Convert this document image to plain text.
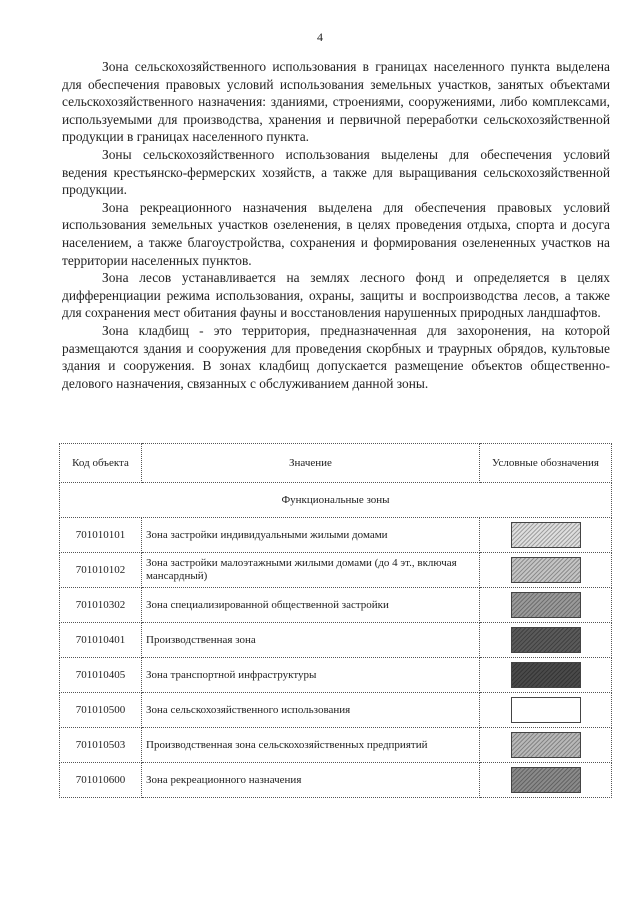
4

Зона сельскохозяйственного использования в границах населенного пункта выделена для обеспечения правовых условий использования земельных участков, занятых объектами сельскохозяйственного назначения: зданиями, строениями, сооружениями, либо комплексами, используемыми для производства, хранения и первичной переработки сельскохозяйственной продукции в границах населенного пункта.

Зоны сельскохозяйственного использования выделены для обеспечения условий ведения крестьянско-фермерских хозяйств, а также для выращивания сельскохозяйственной продукции.

Зона рекреационного назначения выделена для обеспечения правовых условий использования земельных участков озеленения, в целях проведения отдыха, спорта и досуга населением, а также благоустройства, сохранения и формирования озелененных участков на территории населенных пунктов.

Зона лесов устанавливается на землях лесного фонд и определяется в целях дифференциации режима использования, охраны, защиты и воспроизводства лесов, а также для сохранения мест обитания фауны и восстановления нарушенных природных ландшафтов.

Зона кладбищ - это территория, предназначенная для захоронения, на которой размещаются здания и сооружения для проведения скорбных и траурных обрядов, культовые здания и сооружения. В зонах кладбищ допускается размещение объектов общественно-делового назначения, связанных с обслуживанием данной зоны.

Код объекта	Значение	Условные обозначения
Функциональные зоны		
701010101	Зона застройки индивидуальными жилыми домами	

701010102	Зона застройки малоэтажными жилыми домами (до 4 эт., включая мансардный)	

701010302	Зона специализированной общественной застройки	

701010401	Производственная зона	

701010405	Зона транспортной инфраструктуры	

701010500	Зона сельскохозяйственного использования	

701010503	Производственная зона сельскохозяйственных предприятий	

701010600	Зона рекреационного назначения	
